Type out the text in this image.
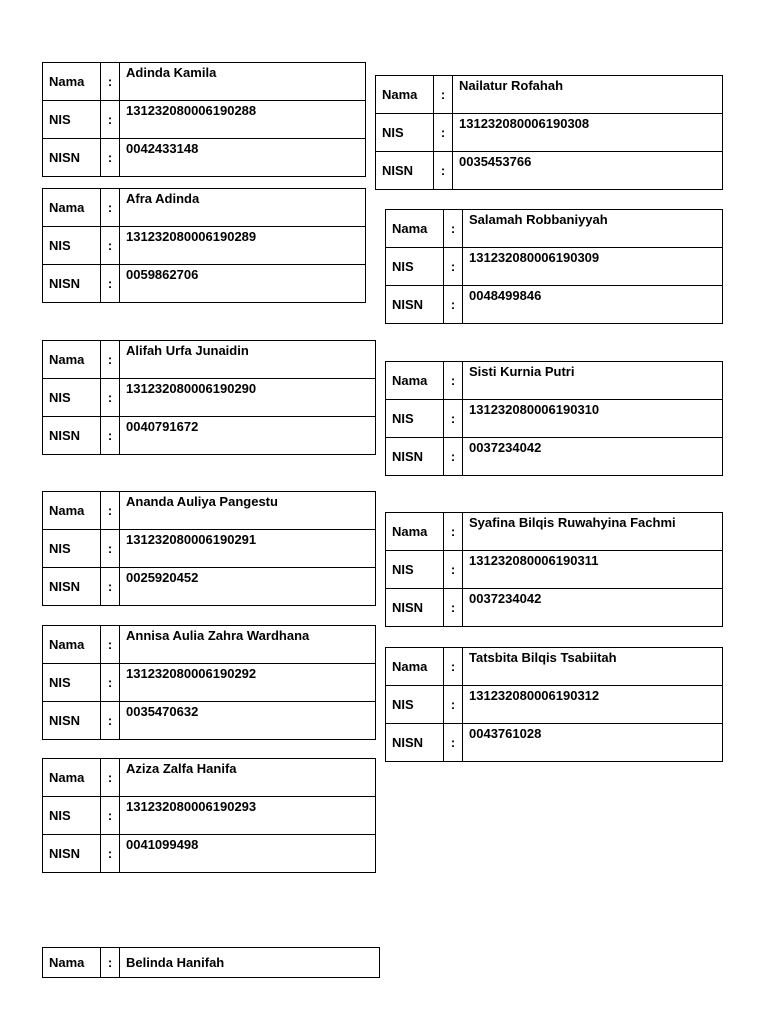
Nama	:
Adinda Kamila
NIS	:
131232080006190288
NISN	:
0042433148
Nama	:
Afra Adinda
NIS	:
131232080006190289
NISN	:
0059862706
Nama	:
Alifah Urfa Junaidin
NIS	:
131232080006190290
NISN	:
0040791672
Nama	:
Ananda Auliya Pangestu
NIS	:
131232080006190291
NISN	:
0025920452
Nama	:
Annisa Aulia Zahra Wardhana
NIS	:
131232080006190292
NISN	:
0035470632
Nama	:
Aziza Zalfa Hanifa
NIS	:
131232080006190293
NISN	:
0041099498
Nama	:	Belinda Hanifah
Nama	:
Nailatur Rofahah
NIS	:
131232080006190308
NISN	:
0035453766
Nama	:
Salamah Robbaniyyah
NIS	:
131232080006190309
NISN	:
0048499846
Nama	:
Sisti Kurnia Putri
NIS	:
131232080006190310
NISN	:
0037234042
Nama	:
Syafina Bilqis Ruwahyina Fachmi
NIS	:
131232080006190311
NISN	:
0037234042
Nama	:
Tatsbita Bilqis Tsabiitah
NIS	:
131232080006190312
NISN	:
0043761028
